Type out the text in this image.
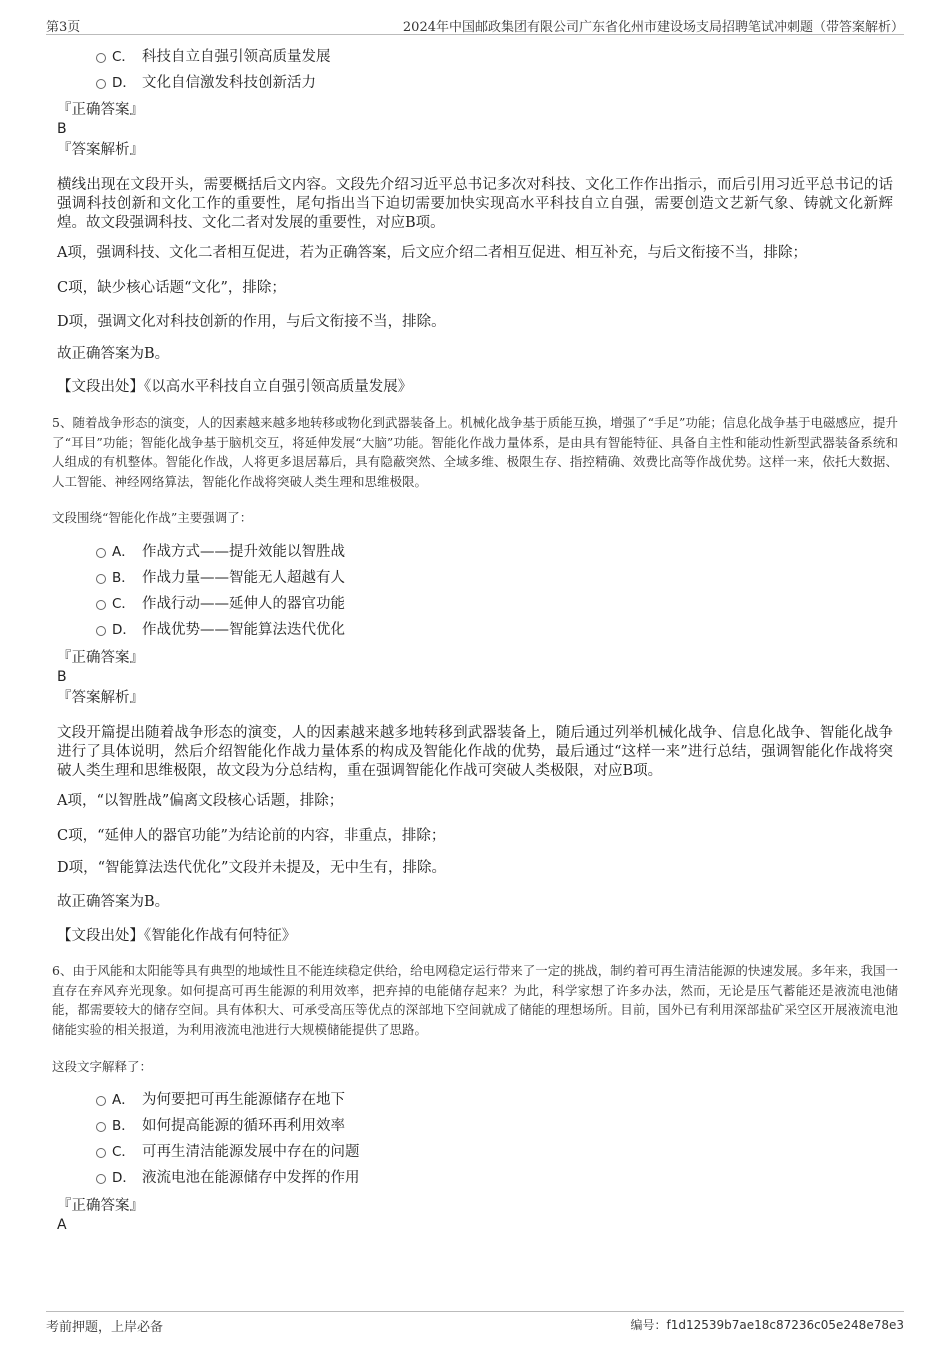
第3页	2024年中国邮政集团有限公司广东省化州市建设场支局招聘笔试冲刺题（带答案解析）
C． 科技自立自强引领高质量发展
D． 文化自信激发科技创新活力
『正确答案』
B
『答案解析』
横线出现在文段开头，需要概括后文内容。文段先介绍习近平总书记多次对科技、文化工作作出指示，而后引用习近平总书记的话强调科技创新和文化工作的重要性，尾句指出当下迫切需要加快实现高水平科技自立自强，需要创造文艺新气象、铸就文化新辉煌。故文段强调科技、文化二者对发展的重要性，对应B项。
A项，强调科技、文化二者相互促进，若为正确答案，后文应介绍二者相互促进、相互补充，与后文衔接不当，排除；
C项，缺少核心话题“文化”，排除；
D项，强调文化对科技创新的作用，与后文衔接不当，排除。
故正确答案为B。
【文段出处】《以高水平科技自立自强引领高质量发展》
5、随着战争形态的演变，人的因素越来越多地转移或物化到武器装备上。机械化战争基于质能互换，增强了“手足”功能；信息化战争基于电磁感应，提升了“耳目”功能；智能化战争基于脑机交互，将延伸发展“大脑”功能。智能化作战力量体系，是由具有智能特征、具备自主性和能动性新型武器装备系统和人组成的有机整体。智能化作战，人将更多退居幕后，具有隐蔽突然、全域多维、极限生存、指控精确、效费比高等作战优势。这样一来，依托大数据、人工智能、神经网络算法，智能化作战将突破人类生理和思维极限。
文段围绕“智能化作战”主要强调了：
A． 作战方式——提升效能以智胜战
B． 作战力量——智能无人超越有人
C． 作战行动——延伸人的器官功能
D． 作战优势——智能算法迭代优化
『正确答案』
B
『答案解析』
文段开篇提出随着战争形态的演变，人的因素越来越多地转移到武器装备上，随后通过列举机械化战争、信息化战争、智能化战争进行了具体说明，然后介绍智能化作战力量体系的构成及智能化作战的优势，最后通过“这样一来”进行总结，强调智能化作战将突破人类生理和思维极限，故文段为分总结构，重在强调智能化作战可突破人类极限，对应B项。
A项，“以智胜战”偏离文段核心话题，排除；
C项，“延伸人的器官功能”为结论前的内容，非重点，排除；
D项，“智能算法迭代优化”文段并未提及，无中生有，排除。
故正确答案为B。
【文段出处】《智能化作战有何特征》
6、由于风能和太阳能等具有典型的地域性且不能连续稳定供给，给电网稳定运行带来了一定的挑战，制约着可再生清洁能源的快速发展。多年来，我国一直存在弃风弃光现象。如何提高可再生能源的利用效率，把弃掉的电能储存起来？为此，科学家想了许多办法，然而，无论是压气蓄能还是液流电池储能，都需要较大的储存空间。具有体积大、可承受高压等优点的深部地下空间就成了储能的理想场所。目前，国外已有利用深部盐矿采空区开展液流电池储能实验的相关报道，为利用液流电池进行大规模储能提供了思路。
这段文字解释了：
A． 为何要把可再生能源储存在地下
B． 如何提高能源的循环再利用效率
C． 可再生清洁能源发展中存在的问题
D． 液流电池在能源储存中发挥的作用
『正确答案』
A
考前押题，上岸必备	编号：f1d12539b7ae18c87236c05e248e78e3
